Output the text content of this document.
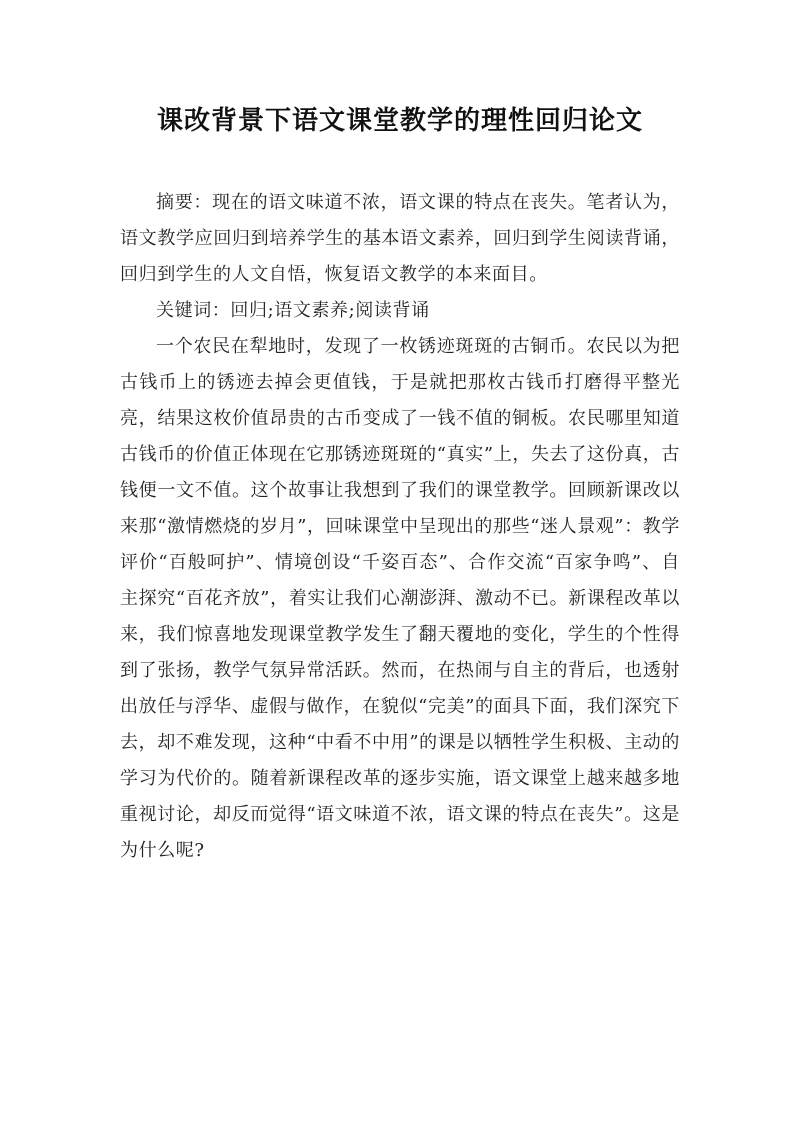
课改背景下语文课堂教学的理性回归论文

摘要：现在的语文味道不浓，语文课的特点在丧失。笔者认为，语文教学应回归到培养学生的基本语文素养，回归到学生阅读背诵，回归到学生的人文自悟，恢复语文教学的本来面目。

关键词：回归;语文素养;阅读背诵

一个农民在犁地时，发现了一枚锈迹斑斑的古铜币。农民以为把古钱币上的锈迹去掉会更值钱，于是就把那枚古钱币打磨得平整光亮，结果这枚价值昂贵的古币变成了一钱不值的铜板。农民哪里知道古钱币的价值正体现在它那锈迹斑斑的“真实”上，失去了这份真，古钱便一文不值。这个故事让我想到了我们的课堂教学。回顾新课改以来那“激情燃烧的岁月”，回味课堂中呈现出的那些“迷人景观”：教学评价“百般呵护”、情境创设“千姿百态”、合作交流“百家争鸣”、自主探究“百花齐放”，着实让我们心潮澎湃、激动不已。新课程改革以来，我们惊喜地发现课堂教学发生了翻天覆地的变化，学生的个性得到了张扬，教学气氛异常活跃。然而，在热闹与自主的背后，也透射出放任与浮华、虚假与做作，在貌似“完美”的面具下面，我们深究下去，却不难发现，这种“中看不中用”的课是以牺牲学生积极、主动的学习为代价的。随着新课程改革的逐步实施，语文课堂上越来越多地重视讨论，却反而觉得“语文味道不浓，语文课的特点在丧失”。这是为什么呢?
